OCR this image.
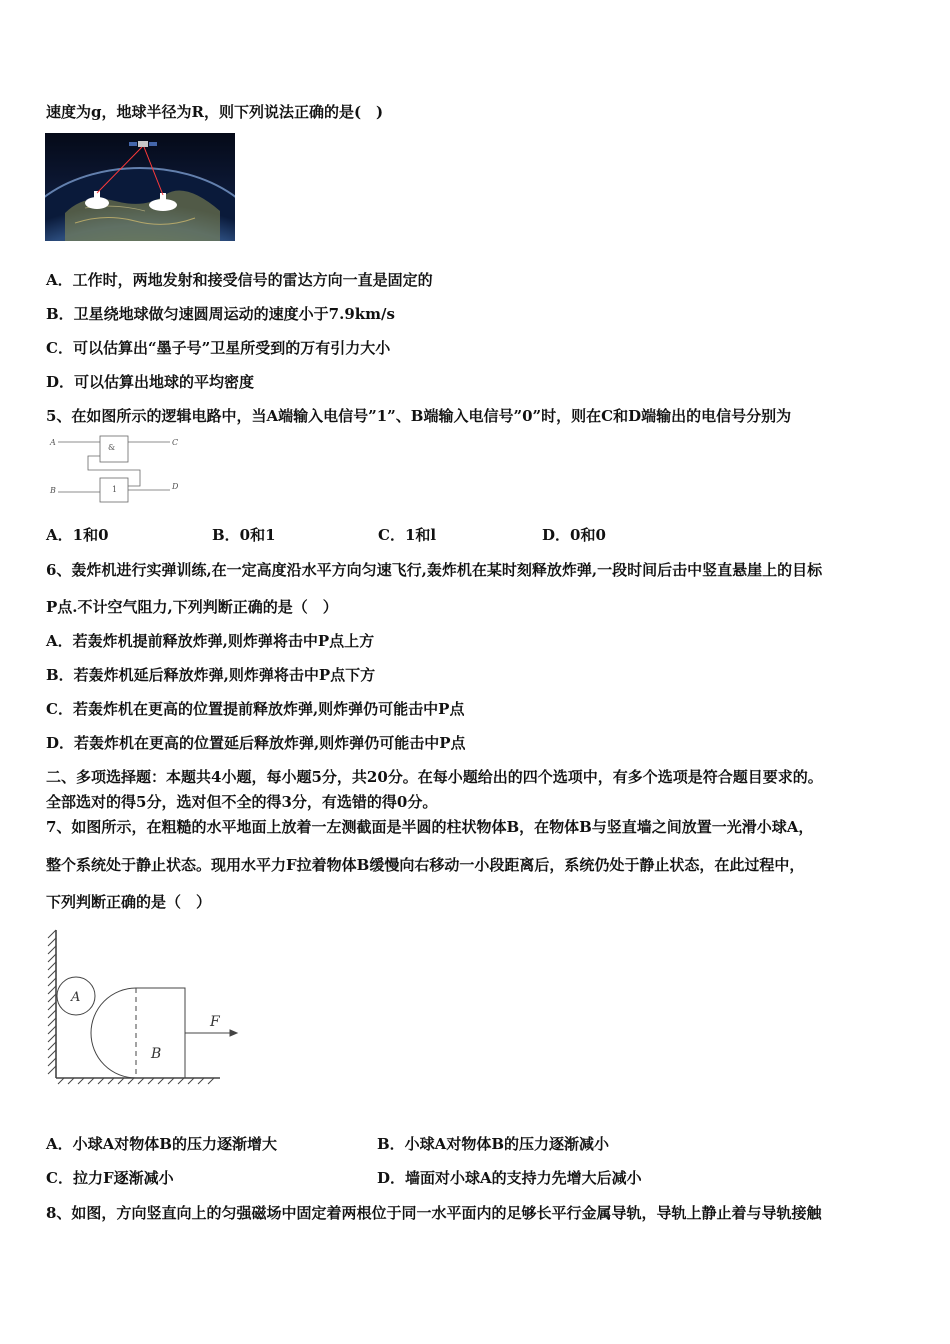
速度为g，地球半径为R，则下列说法正确的是(　)
A．工作时，两地发射和接受信号的雷达方向一直是固定的
B．卫星绕地球做匀速圆周运动的速度小于7.9km/s
C．可以估算出“墨子号”卫星所受到的万有引力大小
D．可以估算出地球的平均密度
5、在如图所示的逻辑电路中，当A端输入电信号”1”、B端输入电信号”0”时，则在C和D端输出的电信号分别为
A
B
C
D
&
1
A．1和0	B．0和1	C．1和l	D．0和0
6、轰炸机进行实弹训练,在一定高度沿水平方向匀速飞行,轰炸机在某时刻释放炸弹,一段时间后击中竖直悬崖上的目标
P点.不计空气阻力,下列判断正确的是（　）
A．若轰炸机提前释放炸弹,则炸弹将击中P点上方
B．若轰炸机延后释放炸弹,则炸弹将击中P点下方
C．若轰炸机在更高的位置提前释放炸弹,则炸弹仍可能击中P点
D．若轰炸机在更高的位置延后释放炸弹,则炸弹仍可能击中P点
二、多项选择题：本题共4小题，每小题5分，共20分。在每小题给出的四个选项中，有多个选项是符合题目要求的。
全部选对的得5分，选对但不全的得3分，有选错的得0分。
7、如图所示，在粗糙的水平地面上放着一左测截面是半圆的柱状物体B，在物体B与竖直墙之间放置一光滑小球A，
整个系统处于静止状态。现用水平力F拉着物体B缓慢向右移动一小段距离后，系统仍处于静止状态，在此过程中，
下列判断正确的是（　）
A
B
F
A．小球A对物体B的压力逐渐增大	B．小球A对物体B的压力逐渐减小
C．拉力F逐渐减小	D．墙面对小球A的支持力先增大后减小
8、如图，方向竖直向上的匀强磁场中固定着两根位于同一水平面内的足够长平行金属导轨，导轨上静止着与导轨接触
